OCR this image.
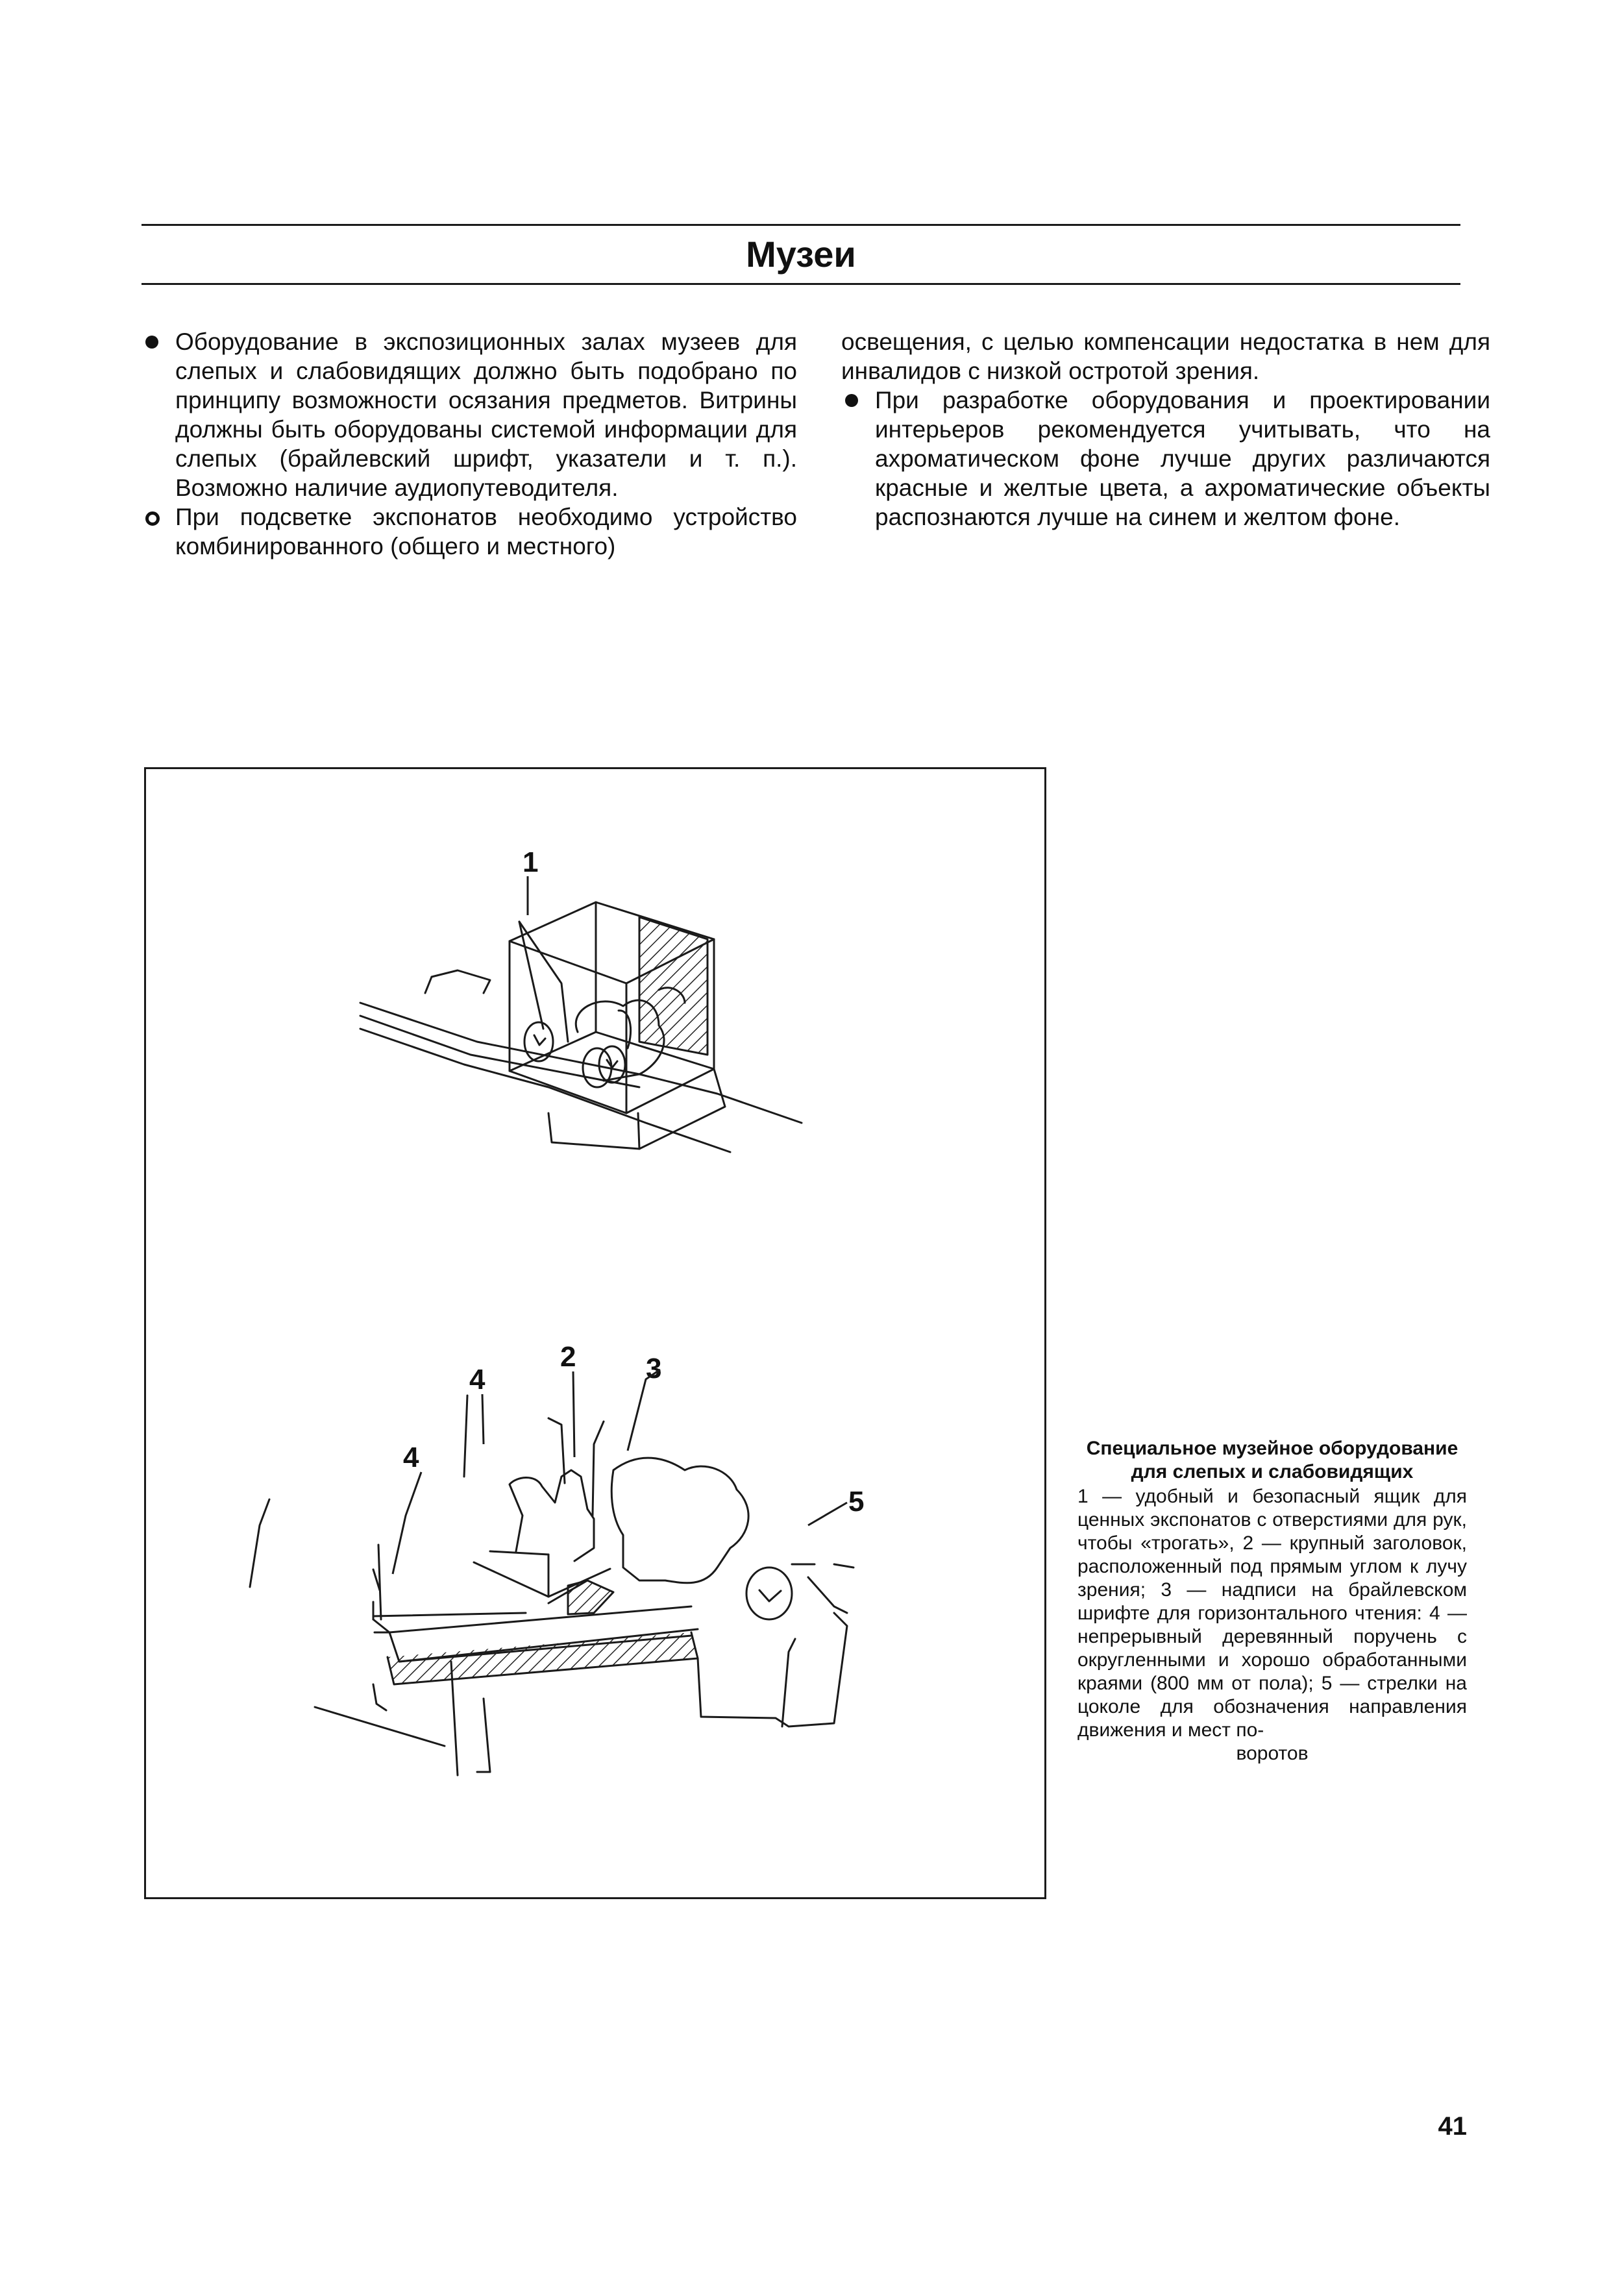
Музеи

Оборудование в экспозиционных залах музеев для слепых и слабовидящих должно быть подобрано по принципу возможности осязания предметов. Витрины должны быть оборудованы системой информации для слепых (брайлевский шрифт, указатели и т. п.). Возможно наличие аудиопутеводителя.

При подсветке экспонатов необходимо устройство комбинированного (общего и местного)

освещения, с целью компенсации недостатка в нем для инвалидов с низкой остротой зрения.

При разработке оборудования и проектировании интерьеров рекомендуется учитывать, что на ахроматическом фоне лучше других различаются красные и желтые цвета, а ахроматические объекты распознаются лучше на синем и желтом фоне.

1
2 3
4
4
5

Специальное музейное оборудование для слепых и слабовидящих

1 — удобный и безопасный ящик для ценных экспонатов с отверстиями для рук, чтобы «трогать», 2 — крупный заголовок, расположенный под прямым углом к лучу зрения; 3 — надписи на брайлевском шрифте для горизонтального чтения: 4 — непрерывный деревянный поручень с округленными и хорошо обработанными краями (800 мм от пола); 5 — стрелки на цоколе для обозначения направления движения и мест по-

воротов

41
